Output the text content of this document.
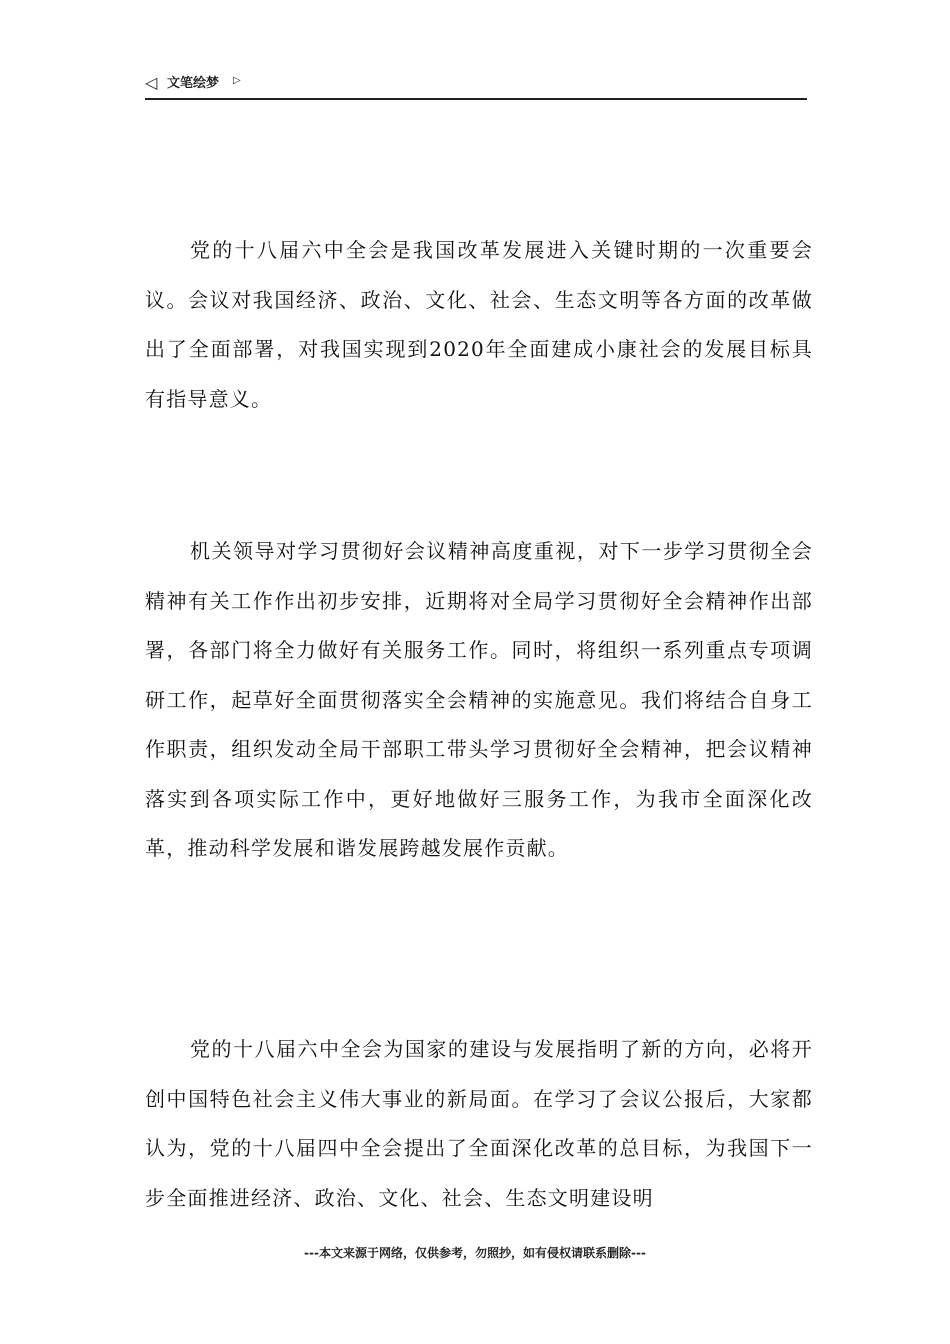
◁ 文笔绘梦 ▷

党的十八届六中全会是我国改革发展进入关键时期的一次重要会议。会议对我国经济、政治、文化、社会、生态文明等各方面的改革做出了全面部署，对我国实现到2020年全面建成小康社会的发展目标具有指导意义。

机关领导对学习贯彻好会议精神高度重视，对下一步学习贯彻全会精神有关工作作出初步安排，近期将对全局学习贯彻好全会精神作出部署，各部门将全力做好有关服务工作。同时，将组织一系列重点专项调研工作，起草好全面贯彻落实全会精神的实施意见。我们将结合自身工作职责，组织发动全局干部职工带头学习贯彻好全会精神，把会议精神落实到各项实际工作中，更好地做好三服务工作，为我市全面深化改革，推动科学发展和谐发展跨越发展作贡献。

党的十八届六中全会为国家的建设与发展指明了新的方向，必将开创中国特色社会主义伟大事业的新局面。在学习了会议公报后，大家都认为，党的十八届四中全会提出了全面深化改革的总目标，为我国下一步全面推进经济、政治、文化、社会、生态文明建设明

---本文来源于网络，仅供参考，勿照抄，如有侵权请联系删除---
